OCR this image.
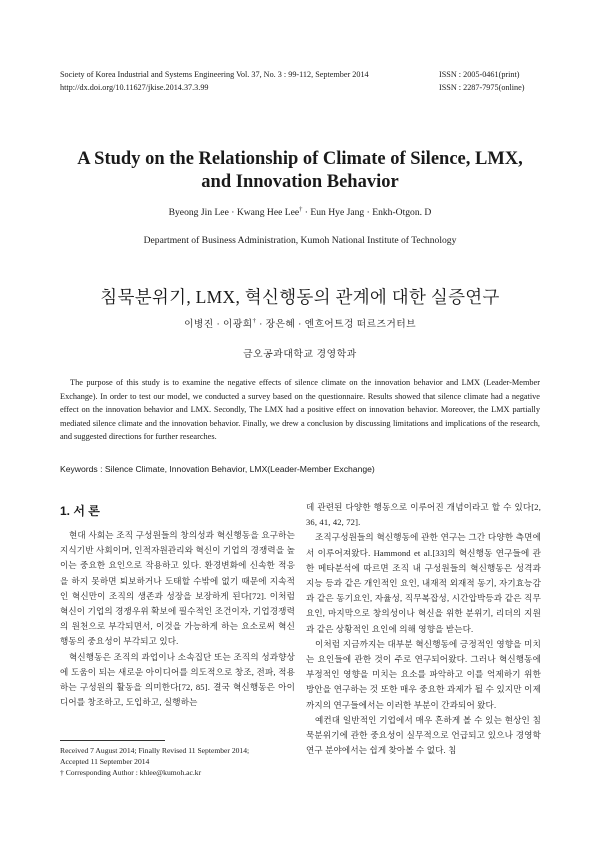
Society of Korea Industrial and Systems Engineering Vol. 37, No. 3 : 99-112, September 2014
http://dx.doi.org/10.11627/jkise.2014.37.3.99
ISSN : 2005-0461(print)
ISSN : 2287-7975(online)
A Study on the Relationship of Climate of Silence, LMX,
and Innovation Behavior
Byeong Jin Lee · Kwang Hee Lee† · Eun Hye Jang · Enkh-Otgon. D
Department of Business Administration, Kumoh National Institute of Technology
침묵분위기, LMX, 혁신행동의 관계에 대한 실증연구
이병진 · 이광희† · 장은혜 · 엔흐어트겅 떠르즈거터브
금오공과대학교 경영학과
The purpose of this study is to examine the negative effects of silence climate on the innovation behavior and LMX (Leader-Member Exchange). In order to test our model, we conducted a survey based on the questionnaire. Results showed that silence climate had a negative effect on the innovation behavior and LMX. Secondly, The LMX had a positive effect on innovation behavior. Moreover, the LMX partially mediated silence climate and the innovation behavior. Finally, we drew a conclusion by discussing limitations and implications of the research, and suggested directions for further researches.
Keywords : Silence Climate, Innovation Behavior, LMX(Leader-Member Exchange)
1. 서 론

현대 사회는 조직 구성원들의 창의성과 혁신행동을 요구하는 지식기반 사회이며, 인적자원관리와 혁신이 기업의 경쟁력을 높이는 중요한 요인으로 작용하고 있다. 환경변화에 신속한 적응을 하지 못하면 퇴보하거나 도태할 수밖에 없기 때문에 지속적인 혁신만이 조직의 생존과 성장을 보장하게 된다[72]. 이처럼 혁신이 기업의 경쟁우위 확보에 필수적인 조건이자, 기업경쟁력의 원천으로 부각되면서, 이것을 가능하게 하는 요소로써 혁신행동의 중요성이 부각되고 있다.

혁신행동은 조직의 과업이나 소속집단 또는 조직의 성과향상에 도움이 되는 새로운 아이디어를 의도적으로 창조, 전파, 적용하는 구성원의 활동을 의미한다[72, 85]. 결국 혁신행동은 아이디어를 창조하고, 도입하고, 실행하는

Received 7 August 2014; Finally Revised 11 September 2014;
Accepted 11 September 2014
† Corresponding Author : khlee@kumoh.ac.kr

데 관련된 다양한 행동으로 이루어진 개념이라고 할 수 있다[2, 36, 41, 42, 72].

조직구성원들의 혁신행동에 관한 연구는 그간 다양한 측면에서 이루어져왔다. Hammond et al.[33]의 혁신행동 연구들에 관한 메타분석에 따르면 조직 내 구성원들의 혁신행동은 성격과 지능 등과 같은 개인적인 요인, 내재적 외재적 동기, 자기효능감과 같은 동기요인, 자율성, 직무복잡성, 시간압박등과 같은 직무요인, 마지막으로 창의성이나 혁신을 위한 분위기, 리더의 지원과 같은 상황적인 요인에 의해 영향을 받는다.

이처럼 지금까지는 대부분 혁신행동에 긍정적인 영향을 미치는 요인들에 관한 것이 주로 연구되어왔다. 그러나 혁신행동에 부정적인 영향을 미치는 요소를 파악하고 이를 억제하기 위한 방안을 연구하는 것 또한 매우 중요한 과제가 될 수 있지만 이제까지의 연구들에서는 이러한 부분이 간과되어 왔다.

예컨대 일반적인 기업에서 매우 흔하게 볼 수 있는 현상인 침묵분위기에 관한 중요성이 실무적으로 언급되고 있으나 경영학 연구 분야에서는 쉽게 찾아볼 수 없다. 침
